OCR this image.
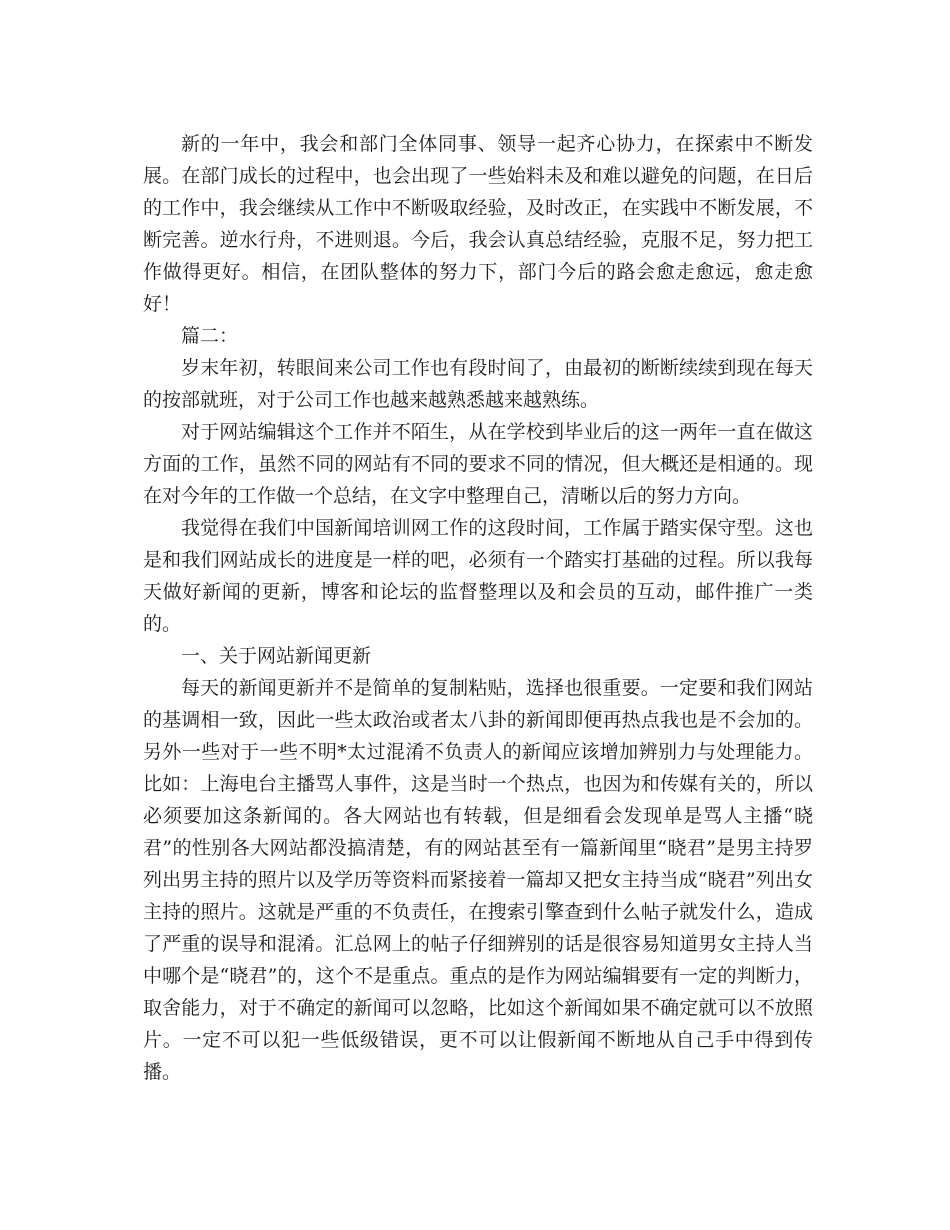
新的一年中，我会和部门全体同事、领导一起齐心协力，在探索中不断发展。在部门成长的过程中，也会出现了一些始料未及和难以避免的问题，在日后的工作中，我会继续从工作中不断吸取经验，及时改正，在实践中不断发展，不断完善。逆水行舟，不进则退。今后，我会认真总结经验，克服不足，努力把工作做得更好。相信，在团队整体的努力下，部门今后的路会愈走愈远，愈走愈好！

篇二：

岁末年初，转眼间来公司工作也有段时间了，由最初的断断续续到现在每天的按部就班，对于公司工作也越来越熟悉越来越熟练。

对于网站编辑这个工作并不陌生，从在学校到毕业后的这一两年一直在做这方面的工作，虽然不同的网站有不同的要求不同的情况，但大概还是相通的。现在对今年的工作做一个总结，在文字中整理自己，清晰以后的努力方向。

我觉得在我们中国新闻培训网工作的这段时间，工作属于踏实保守型。这也是和我们网站成长的进度是一样的吧，必须有一个踏实打基础的过程。所以我每天做好新闻的更新，博客和论坛的监督整理以及和会员的互动，邮件推广一类的。

一、关于网站新闻更新

每天的新闻更新并不是简单的复制粘贴，选择也很重要。一定要和我们网站的基调相一致，因此一些太政治或者太八卦的新闻即便再热点我也是不会加的。另外一些对于一些不明*太过混淆不负责人的新闻应该增加辨别力与处理能力。比如：上海电台主播骂人事件，这是当时一个热点，也因为和传媒有关的，所以必须要加这条新闻的。各大网站也有转载，但是细看会发现单是骂人主播“晓君”的性别各大网站都没搞清楚，有的网站甚至有一篇新闻里“晓君”是男主持罗列出男主持的照片以及学历等资料而紧接着一篇却又把女主持当成“晓君”列出女主持的照片。这就是严重的不负责任，在搜索引擎查到什么帖子就发什么，造成了严重的误导和混淆。汇总网上的帖子仔细辨别的话是很容易知道男女主持人当中哪个是“晓君”的，这个不是重点。重点的是作为网站编辑要有一定的判断力，取舍能力，对于不确定的新闻可以忽略，比如这个新闻如果不确定就可以不放照片。一定不可以犯一些低级错误，更不可以让假新闻不断地从自己手中得到传播。
